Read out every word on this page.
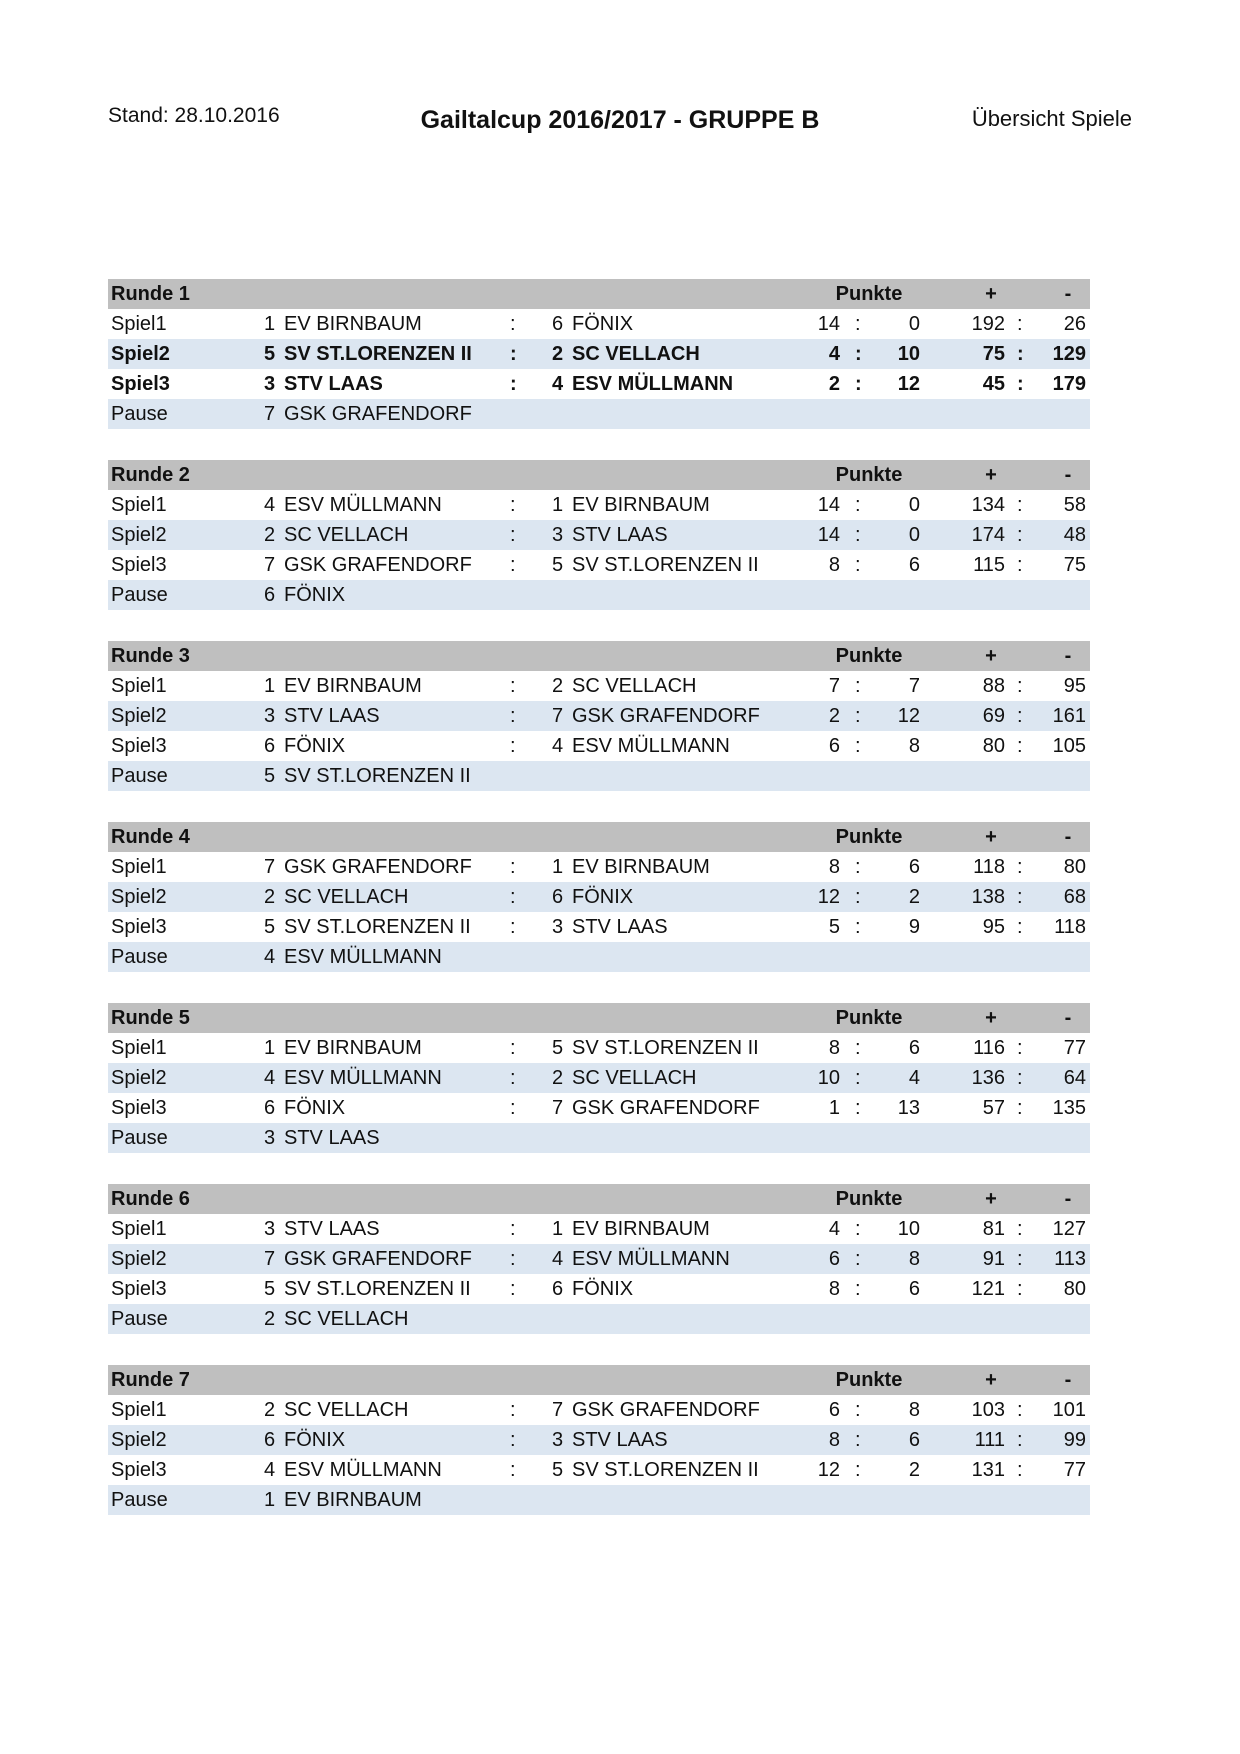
Stand: 28.10.2016	Gailtalcup 2016/2017 - GRUPPE B	Übersicht Spiele
Runde 1	Punkte	+	-
Spiel1	1 EV BIRNBAUM	: 6 FÖNIX	14 : 0	192 : 26
Spiel2	5 SV ST.LORENZEN II : 2 SC VELLACH	4 : 10	75 : 129
Spiel3	3 STV LAAS	: 4 ESV MÜLLMANN	2 : 12	45 : 179
Pause	7 GSK GRAFENDORF
Runde 2	Punkte	+	-
Spiel1	4 ESV MÜLLMANN	: 1 EV BIRNBAUM	14 : 0	134 : 58
Spiel2	2 SC VELLACH	: 3 STV LAAS	14 : 0	174 : 48
Spiel3	7 GSK GRAFENDORF : 5 SV ST.LORENZEN II	8 : 6	115 : 75
Pause	6 FÖNIX
Runde 3	Punkte	+	-
Spiel1	1 EV BIRNBAUM	: 2 SC VELLACH	7 : 7	88 : 95
Spiel2	3 STV LAAS	: 7 GSK GRAFENDORF	2 : 12	69 : 161
Spiel3	6 FÖNIX	: 4 ESV MÜLLMANN	6 : 8	80 : 105
Pause	5 SV ST.LORENZEN II
Runde 4	Punkte	+	-
Spiel1	7 GSK GRAFENDORF : 1 EV BIRNBAUM	8 : 6	118 : 80
Spiel2	2 SC VELLACH	: 6 FÖNIX	12 : 2	138 : 68
Spiel3	5 SV ST.LORENZEN II : 3 STV LAAS	5 : 9	95 : 118
Pause	4 ESV MÜLLMANN
Runde 5	Punkte	+	-
Spiel1	1 EV BIRNBAUM	: 5 SV ST.LORENZEN II	8 : 6	116 : 77
Spiel2	4 ESV MÜLLMANN	: 2 SC VELLACH	10 : 4	136 : 64
Spiel3	6 FÖNIX	: 7 GSK GRAFENDORF	1 : 13	57 : 135
Pause	3 STV LAAS
Runde 6	Punkte	+	-
Spiel1	3 STV LAAS	: 1 EV BIRNBAUM	4 : 10	81 : 127
Spiel2	7 GSK GRAFENDORF : 4 ESV MÜLLMANN	6 : 8	91 : 113
Spiel3	5 SV ST.LORENZEN II : 6 FÖNIX	8 : 6	121 : 80
Pause	2 SC VELLACH
Runde 7	Punkte	+	-
Spiel1	2 SC VELLACH	: 7 GSK GRAFENDORF	6 : 8	103 : 101
Spiel2	6 FÖNIX	: 3 STV LAAS	8 : 6	111 : 99
Spiel3	4 ESV MÜLLMANN	: 5 SV ST.LORENZEN II	12 : 2	131 : 77
Pause	1 EV BIRNBAUM
